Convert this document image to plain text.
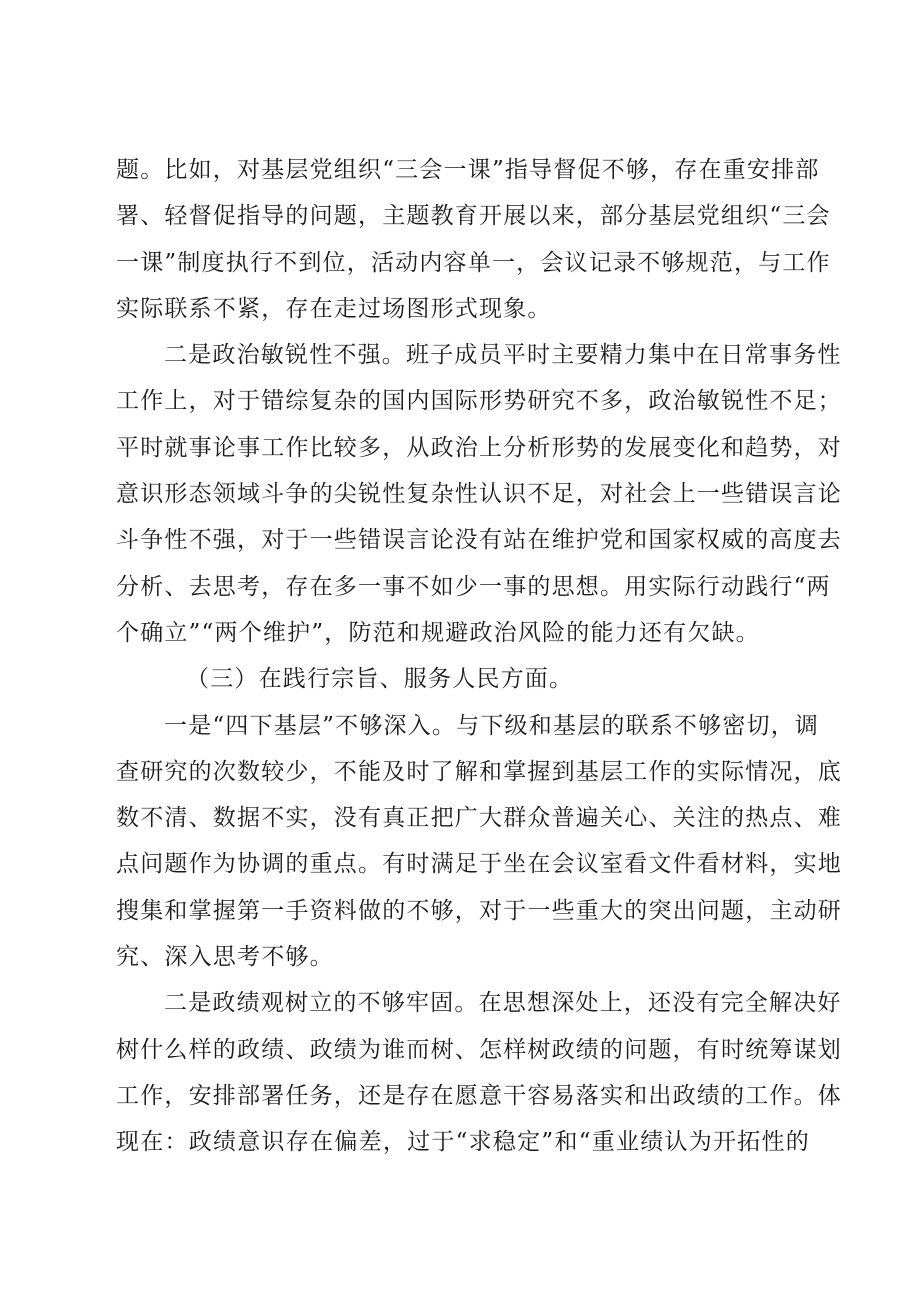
题。比如，对基层党组织“三会一课”指导督促不够，存在重安排部
署、轻督促指导的问题，主题教育开展以来，部分基层党组织“三会
一课”制度执行不到位，活动内容单一，会议记录不够规范，与工作
实际联系不紧，存在走过场图形式现象。
二是政治敏锐性不强。班子成员平时主要精力集中在日常事务性
工作上，对于错综复杂的国内国际形势研究不多，政治敏锐性不足；
平时就事论事工作比较多，从政治上分析形势的发展变化和趋势，对
意识形态领域斗争的尖锐性复杂性认识不足，对社会上一些错误言论
斗争性不强，对于一些错误言论没有站在维护党和国家权威的高度去
分析、去思考，存在多一事不如少一事的思想。用实际行动践行“两
个确立”“两个维护”，防范和规避政治风险的能力还有欠缺。
（三）在践行宗旨、服务人民方面。
一是“四下基层”不够深入。与下级和基层的联系不够密切，调
查研究的次数较少，不能及时了解和掌握到基层工作的实际情况，底
数不清、数据不实，没有真正把广大群众普遍关心、关注的热点、难
点问题作为协调的重点。有时满足于坐在会议室看文件看材料，实地
搜集和掌握第一手资料做的不够，对于一些重大的突出问题，主动研
究、深入思考不够。
二是政绩观树立的不够牢固。在思想深处上，还没有完全解决好
树什么样的政绩、政绩为谁而树、怎样树政绩的问题，有时统筹谋划
工作，安排部署任务，还是存在愿意干容易落实和出政绩的工作。体
现在：政绩意识存在偏差，过于“求稳定”和“重业绩认为开拓性的
